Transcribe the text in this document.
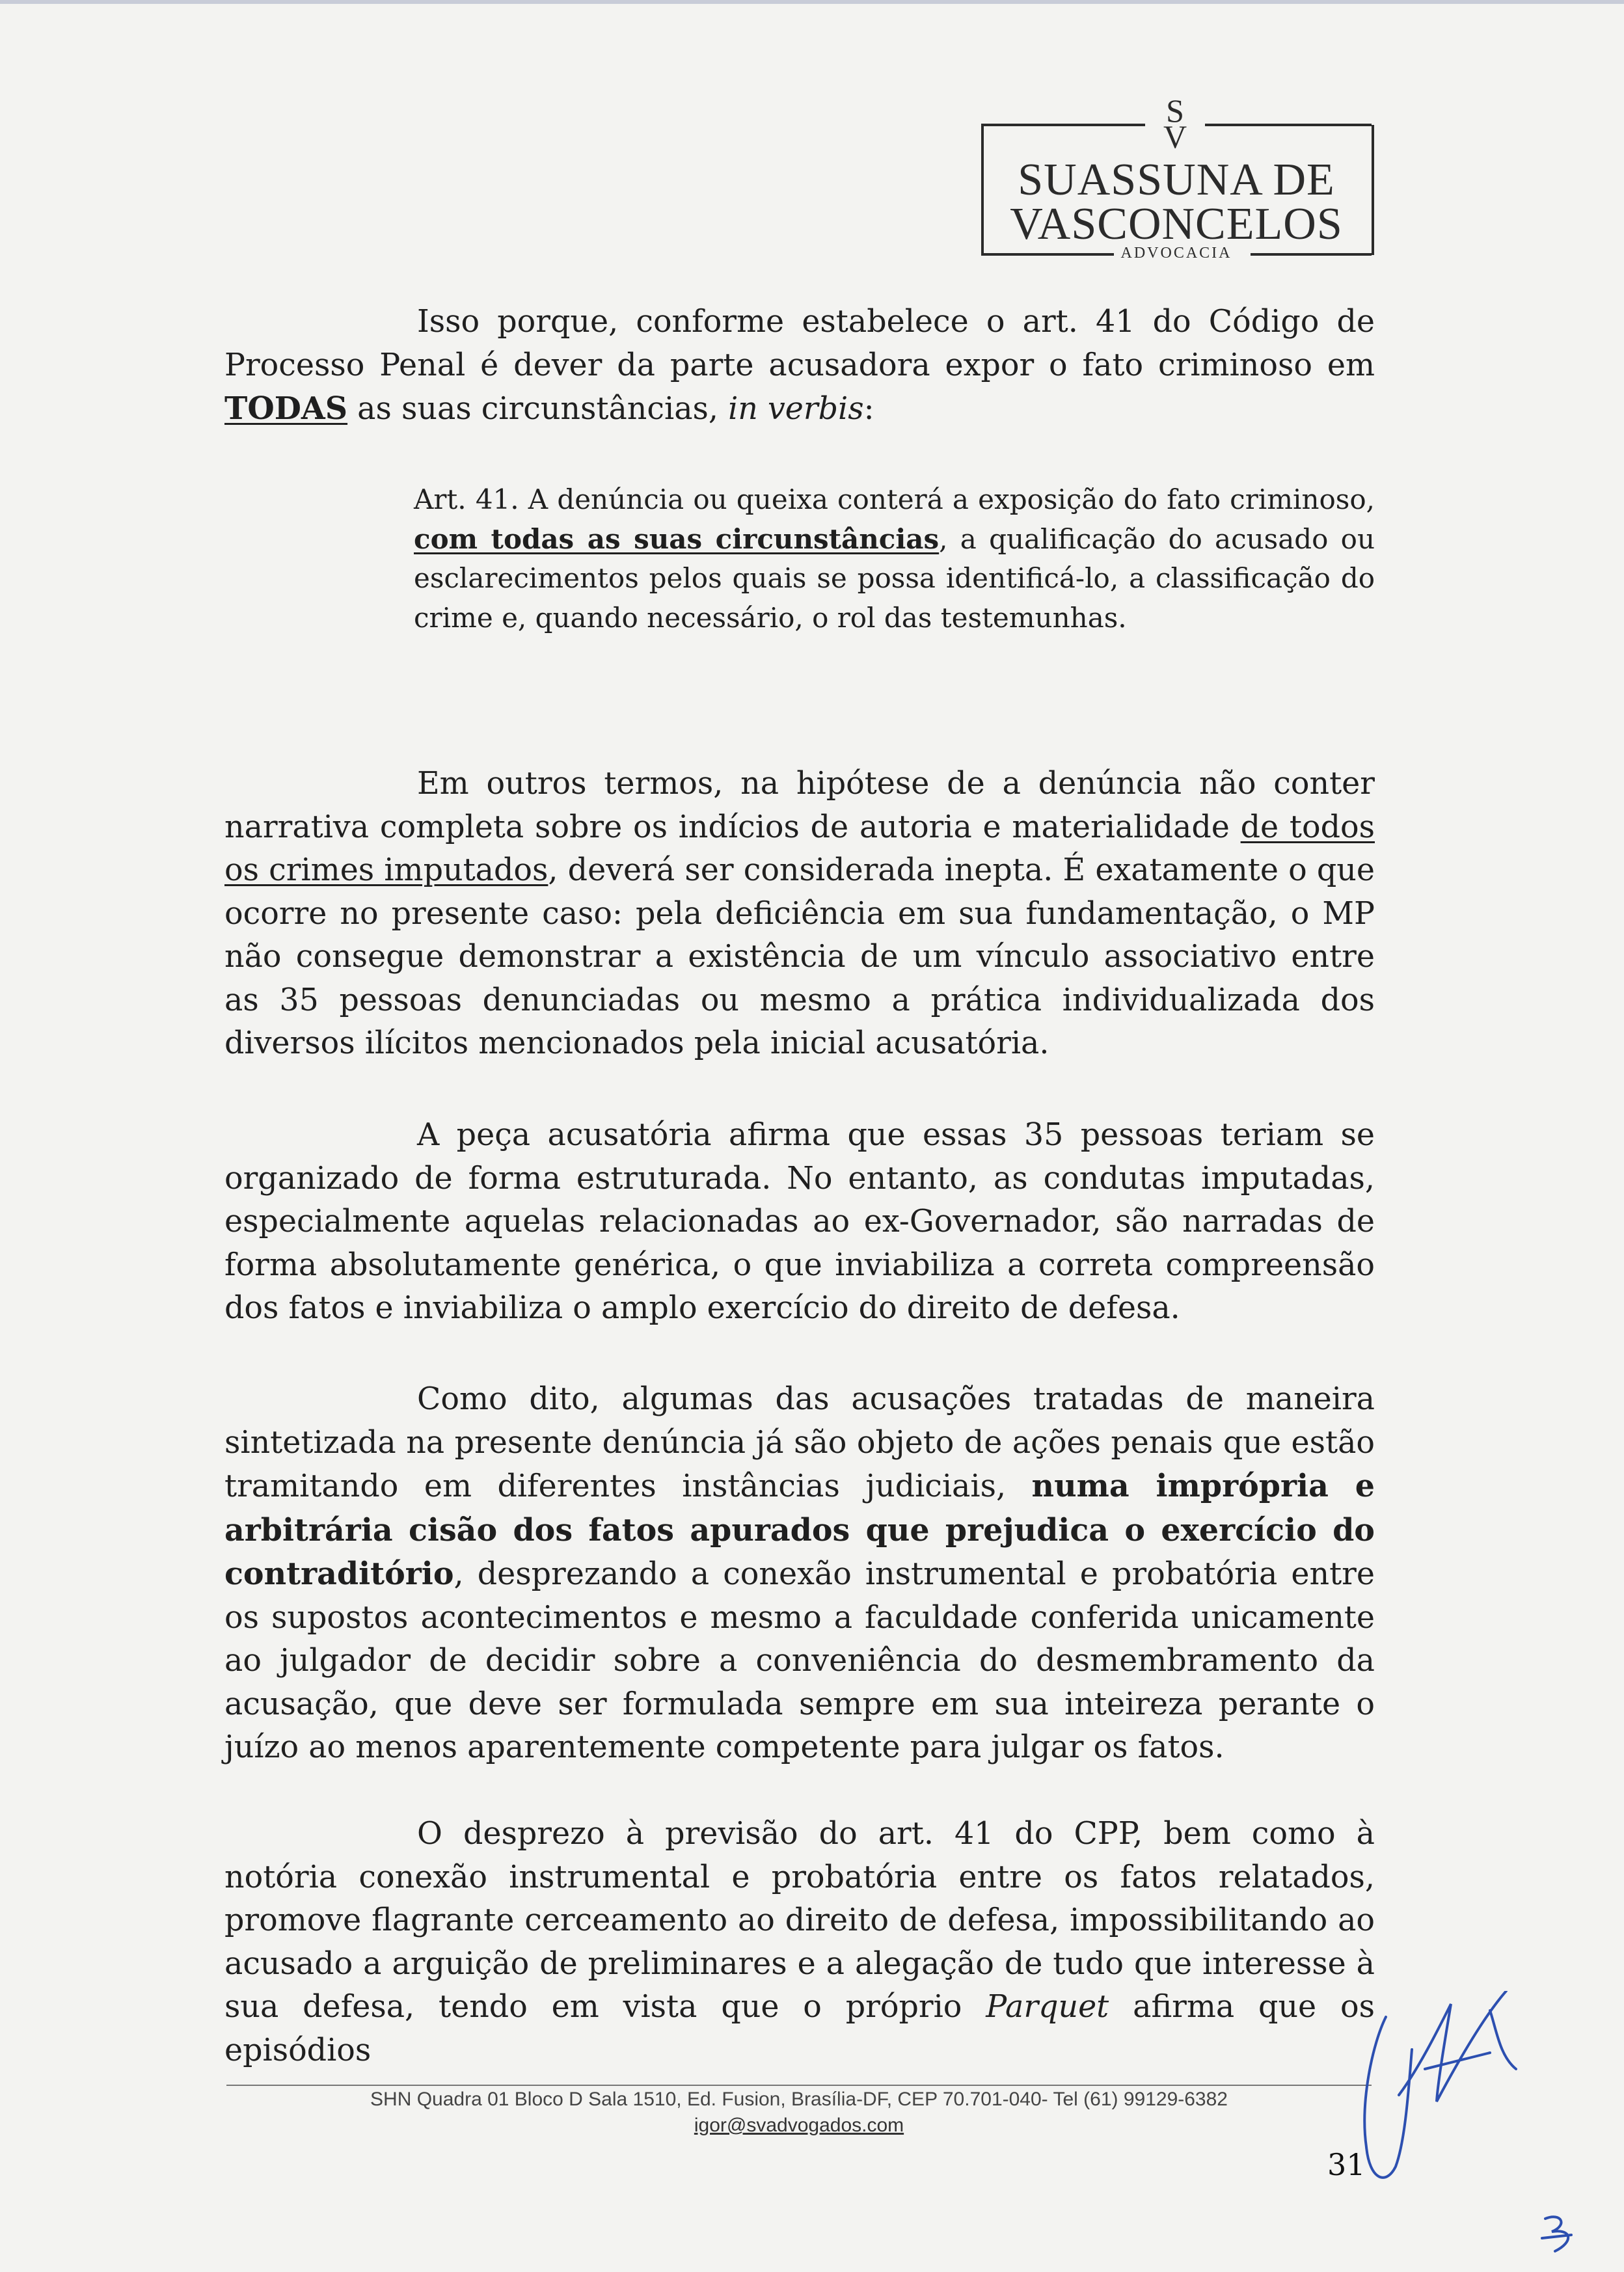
S
V
SUASSUNA DE
VASCONCELOS
ADVOCACIA
Isso porque, conforme estabelece o art. 41 do Código de Processo Penal é dever da parte acusadora expor o fato criminoso em TODAS as suas circunstâncias, in verbis:
Art. 41. A denúncia ou queixa conterá a exposição do fato criminoso, com todas as suas circunstâncias, a qualificação do acusado ou esclarecimentos pelos quais se possa identificá-lo, a classificação do crime e, quando necessário, o rol das testemunhas.
Em outros termos, na hipótese de a denúncia não conter narrativa completa sobre os indícios de autoria e materialidade de todos os crimes imputados, deverá ser considerada inepta. É exatamente o que ocorre no presente caso: pela deficiência em sua fundamentação, o MP não consegue demonstrar a existência de um vínculo associativo entre as 35 pessoas denunciadas ou mesmo a prática individualizada dos diversos ilícitos mencionados pela inicial acusatória.
A peça acusatória afirma que essas 35 pessoas teriam se organizado de forma estruturada. No entanto, as condutas imputadas, especialmente aquelas relacionadas ao ex-Governador, são narradas de forma absolutamente genérica, o que inviabiliza a correta compreensão dos fatos e inviabiliza o amplo exercício do direito de defesa.
Como dito, algumas das acusações tratadas de maneira sintetizada na presente denúncia já são objeto de ações penais que estão tramitando em diferentes instâncias judiciais, numa imprópria e arbitrária cisão dos fatos apurados que prejudica o exercício do contraditório, desprezando a conexão instrumental e probatória entre os supostos acontecimentos e mesmo a faculdade conferida unicamente ao julgador de decidir sobre a conveniência do desmembramento da acusação, que deve ser formulada sempre em sua inteireza perante o juízo ao menos aparentemente competente para julgar os fatos.
O desprezo à previsão do art. 41 do CPP, bem como à notória conexão instrumental e probatória entre os fatos relatados, promove flagrante cerceamento ao direito de defesa, impossibilitando ao acusado a arguição de preliminares e a alegação de tudo que interesse à sua defesa, tendo em vista que o próprio Parquet afirma que os episódios
SHN Quadra 01 Bloco D Sala 1510, Ed. Fusion, Brasília-DF, CEP 70.701-040- Tel (61) 99129-6382
igor@svadvogados.com
31
